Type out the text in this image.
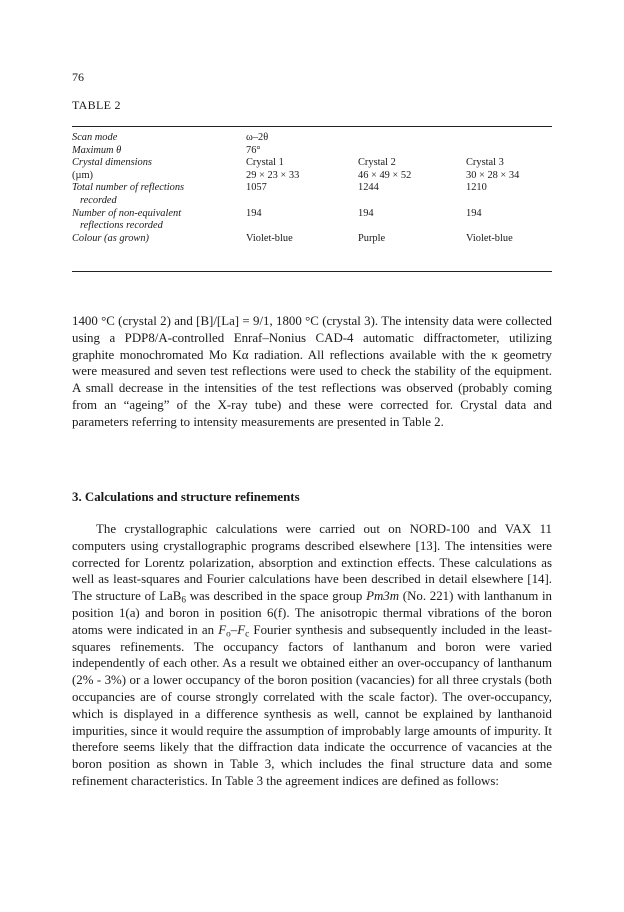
76
TABLE 2
Scan mode	ω–2θ		
Maximum θ	76°		
Crystal dimensions	Crystal 1	Crystal 2	Crystal 3
(µm)	29 × 23 × 33	46 × 49 × 52	30 × 28 × 34
Total number of reflections	1057	1244	1210
recorded			
Number of non-equivalent	194	194	194
reflections recorded			
Colour (as grown)	Violet-blue	Purple	Violet-blue

1400 °C (crystal 2) and [B]/[La] = 9/1, 1800 °C (crystal 3). The intensity data were collected using a PDP8/A-controlled Enraf–Nonius CAD-4 automatic diffractometer, utilizing graphite monochromated Mo Kα radiation. All reflections available with the κ geometry were measured and seven test reflections were used to check the stability of the equipment. A small decrease in the intensities of the test reflections was observed (probably coming from an “ageing” of the X-ray tube) and these were corrected for. Crystal data and parameters referring to intensity measurements are presented in Table 2.

3. Calculations and structure refinements

The crystallographic calculations were carried out on NORD-100 and VAX 11 computers using crystallographic programs described elsewhere [13]. The intensities were corrected for Lorentz polarization, absorption and extinction effects. These calculations as well as least-squares and Fourier calculations have been described in detail elsewhere [14]. The structure of LaB$_6$ was described in the space group Pm3m (No. 221) with lanthanum in position 1(a) and boron in position 6(f). The anisotropic thermal vibrations of the boron atoms were indicated in an $F_o-F_c$ Fourier synthesis and subsequently included in the least-squares refinements. The occupancy factors of lanthanum and boron were varied independently of each other. As a result we obtained either an over-occupancy of lanthanum (2% - 3%) or a lower occupancy of the boron position (vacancies) for all three crystals (both occupancies are of course strongly correlated with the scale factor). The over-occupancy, which is displayed in a difference synthesis as well, cannot be explained by lanthanoid impurities, since it would require the assumption of improbably large amounts of impurity. It therefore seems likely that the diffraction data indicate the occurrence of vacancies at the boron position as shown in Table 3, which includes the final structure data and some refinement characteristics. In Table 3 the agreement indices are defined as follows:
